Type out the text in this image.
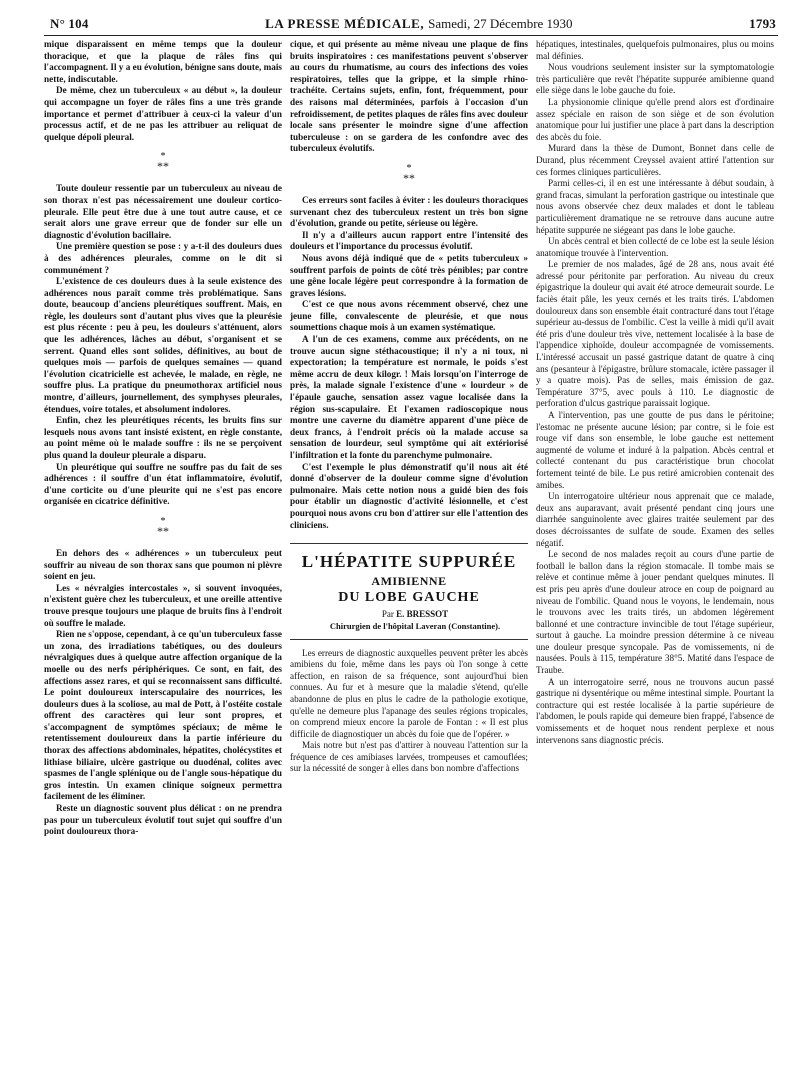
N° 104	LA PRESSE MÉDICALE, Samedi, 27 Décembre 1930	1793

mique disparaissent en même temps que la douleur thoracique, et que la plaque de râles fins qui l'accompagnent. Il y a eu évolution, bénigne sans doute, mais nette, indiscutable.

De même, chez un tuberculeux « au début », la douleur qui accompagne un foyer de râles fins a une très grande importance et permet d'attribuer à ceux-ci la valeur d'un processus actif, et de ne pas les attribuer au reliquat de quelque dépoli pleural.

*
**

Toute douleur ressentie par un tuberculeux au niveau de son thorax n'est pas nécessairement une douleur cortico-pleurale. Elle peut être due à une tout autre cause, et ce serait alors une grave erreur que de fonder sur elle un diagnostic d'évolution bacillaire.

Une première question se pose : y a-t-il des douleurs dues à des adhérences pleurales, comme on le dit si communément ?

L'existence de ces douleurs dues à la seule existence des adhérences nous paraît comme très problématique. Sans doute, beaucoup d'anciens pleurétiques souffrent. Mais, en règle, les douleurs sont d'autant plus vives que la pleurésie est plus récente : peu à peu, les douleurs s'atténuent, alors que les adhérences, lâches au début, s'organisent et se serrent. Quand elles sont solides, définitives, au bout de quelques mois — parfois de quelques semaines — quand l'évolution cicatricielle est achevée, le malade, en règle, ne souffre plus. La pratique du pneumothorax artificiel nous montre, d'ailleurs, journellement, des symphyses pleurales, étendues, voire totales, et absolument indolores.

Enfin, chez les pleurétiques récents, les bruits fins sur lesquels nous avons tant insisté existent, en règle constante, au point même où le malade souffre : ils ne se perçoivent plus quand la douleur pleurale a disparu.

Un pleurétique qui souffre ne souffre pas du fait de ses adhérences : il souffre d'un état inflammatoire, évolutif, d'une corticite ou d'une pleurite qui ne s'est pas encore organisée en cicatrice définitive.

*
**

En dehors des « adhérences » un tuberculeux peut souffrir au niveau de son thorax sans que poumon ni plèvre soient en jeu.

Les « névralgies intercostales », si souvent invoquées, n'existent guère chez les tuberculeux, et une oreille attentive trouve presque toujours une plaque de bruits fins à l'endroit où souffre le malade.

Rien ne s'oppose, cependant, à ce qu'un tuberculeux fasse un zona, des irradiations tabétiques, ou des douleurs névralgiques dues à quelque autre affection organique de la moelle ou des nerfs périphériques. Ce sont, en fait, des affections assez rares, et qui se reconnaissent sans difficulté. Le point douloureux interscapulaire des nourrices, les douleurs dues à la scoliose, au mal de Pott, à l'ostéite costale offrent des caractères qui leur sont propres, et s'accompagnent de symptômes spéciaux; de même le retentissement douloureux dans la partie inférieure du thorax des affections abdominales, hépatites, cholécystites et lithiase biliaire, ulcère gastrique ou duodénal, colites avec spasmes de l'angle splénique ou de l'angle sous-hépatique du gros intestin. Un examen clinique soigneux permettra facilement de les éliminer.

Reste un diagnostic souvent plus délicat : on ne prendra pas pour un tuberculeux évolutif tout sujet qui souffre d'un point douloureux thora-

cique, et qui présente au même niveau une plaque de fins bruits inspiratoires : ces manifestations peuvent s'observer au cours du rhumatisme, au cours des infections des voies respiratoires, telles que la grippe, et la simple rhino-trachéite. Certains sujets, enfin, font, fréquemment, pour des raisons mal déterminées, parfois à l'occasion d'un refroidissement, de petites plaques de râles fins avec douleur locale sans présenter le moindre signe d'une affection tuberculeuse : on se gardera de les confondre avec des tuberculeux évolutifs.

*
**

Ces erreurs sont faciles à éviter : les douleurs thoraciques survenant chez des tuberculeux restent un très bon signe d'évolution, grande ou petite, sérieuse ou légère.

Il n'y a d'ailleurs aucun rapport entre l'intensité des douleurs et l'importance du processus évolutif.

Nous avons déjà indiqué que de « petits tuberculeux » souffrent parfois de points de côté très pénibles; par contre une gêne locale légère peut correspondre à la formation de graves lésions.

C'est ce que nous avons récemment observé, chez une jeune fille, convalescente de pleurésie, et que nous soumettions chaque mois à un examen systématique.

A l'un de ces examens, comme aux précédents, on ne trouve aucun signe stéthacoustique; il n'y a ni toux, ni expectoration; la température est normale, le poids s'est même accru de deux kilogr. ! Mais lorsqu'on l'interroge de près, la malade signale l'existence d'une « lourdeur » de l'épaule gauche, sensation assez vague localisée dans la région sus-scapulaire. Et l'examen radioscopique nous montre une caverne du diamètre apparent d'une pièce de deux francs, à l'endroit précis où la malade accuse sa sensation de lourdeur, seul symptôme qui ait extériorisé l'infiltration et la fonte du parenchyme pulmonaire.

C'est l'exemple le plus démonstratif qu'il nous ait été donné d'observer de la douleur comme signe d'évolution pulmonaire. Mais cette notion nous a guidé bien des fois pour établir un diagnostic d'activité lésionnelle, et c'est pourquoi nous avons cru bon d'attirer sur elle l'attention des cliniciens.

L'HÉPATITE SUPPURÉE
AMIBIENNE
DU LOBE GAUCHE

Par E. BRESSOT

Chirurgien de l'hôpital Laveran (Constantine).

Les erreurs de diagnostic auxquelles peuvent prêter les abcès amibiens du foie, même dans les pays où l'on songe à cette affection, en raison de sa fréquence, sont aujourd'hui bien connues. Au fur et à mesure que la maladie s'étend, qu'elle abandonne de plus en plus le cadre de la pathologie exotique, qu'elle ne demeure plus l'apanage des seules régions tropicales, on comprend mieux encore la parole de Fontan : « Il est plus difficile de diagnostiquer un abcès du foie que de l'opérer. »

Mais notre but n'est pas d'attirer à nouveau l'attention sur la fréquence de ces amibiases larvées, trompeuses et camouflées; sur la nécessité de songer à elles dans bon nombre d'affections

hépatiques, intestinales, quelquefois pulmonaires, plus ou moins mal définies.

Nous voudrions seulement insister sur la symptomatologie très particulière que revêt l'hépatite suppurée amibienne quand elle siège dans le lobe gauche du foie.

La physionomie clinique qu'elle prend alors est d'ordinaire assez spéciale en raison de son siège et de son évolution anatomique pour lui justifier une place à part dans la description des abcès du foie.

Murard dans la thèse de Dumont, Bonnet dans celle de Durand, plus récemment Creyssel avaient attiré l'attention sur ces formes cliniques particulières.

Parmi celles-ci, il en est une intéressante à début soudain, à grand fracas, simulant la perforation gastrique ou intestinale que nous avons observée chez deux malades et dont le tableau particulièrement dramatique ne se retrouve dans aucune autre hépatite suppurée ne siégeant pas dans le lobe gauche.

Un abcès central et bien collecté de ce lobe est la seule lésion anatomique trouvée à l'intervention.

Le premier de nos malades, âgé de 28 ans, nous avait été adressé pour péritonite par perforation. Au niveau du creux épigastrique la douleur qui avait été atroce demeurait sourde. Le faciès était pâle, les yeux cernés et les traits tirés. L'abdomen douloureux dans son ensemble était contracturé dans tout l'étage supérieur au-dessus de l'ombilic. C'est la veille à midi qu'il avait été pris d'une douleur très vive, nettement localisée à la base de l'appendice xiphoïde, douleur accompagnée de vomissements. L'intéressé accusait un passé gastrique datant de quatre à cinq ans (pesanteur à l'épigastre, brûlure stomacale, ictère passager il y a quatre mois). Pas de selles, mais émission de gaz. Température 37°5, avec pouls à 110. Le diagnostic de perforation d'ulcus gastrique paraissait logique.

A l'intervention, pas une goutte de pus dans le péritoine; l'estomac ne présente aucune lésion; par contre, si le foie est rouge vif dans son ensemble, le lobe gauche est nettement augmenté de volume et induré à la palpation. Abcès central et collecté contenant du pus caractéristique brun chocolat fortement teinté de bile. Le pus retiré amicrobien contenait des amibes.

Un interrogatoire ultérieur nous apprenait que ce malade, deux ans auparavant, avait présenté pendant cinq jours une diarrhée sanguinolente avec glaires traitée seulement par des doses décroissantes de sulfate de soude. Examen des selles négatif.

Le second de nos malades reçoit au cours d'une partie de football le ballon dans la région stomacale. Il tombe mais se relève et continue même à jouer pendant quelques minutes. Il est pris peu après d'une douleur atroce en coup de poignard au niveau de l'ombilic. Quand nous le voyons, le lendemain, nous le trouvons avec les traits tirés, un abdomen légèrement ballonné et une contracture invincible de tout l'étage supérieur, surtout à gauche. La moindre pression détermine à ce niveau une douleur presque syncopale. Pas de vomissements, ni de nausées. Pouls à 115, température 38°5. Matité dans l'espace de Traube.

A un interrogatoire serré, nous ne trouvons aucun passé gastrique ni dysentérique ou même intestinal simple. Pourtant la contracture qui est restée localisée à la partie supérieure de l'abdomen, le pouls rapide qui demeure bien frappé, l'absence de vomissements et de hoquet nous rendent perplexe et nous intervenons sans diagnostic précis.
